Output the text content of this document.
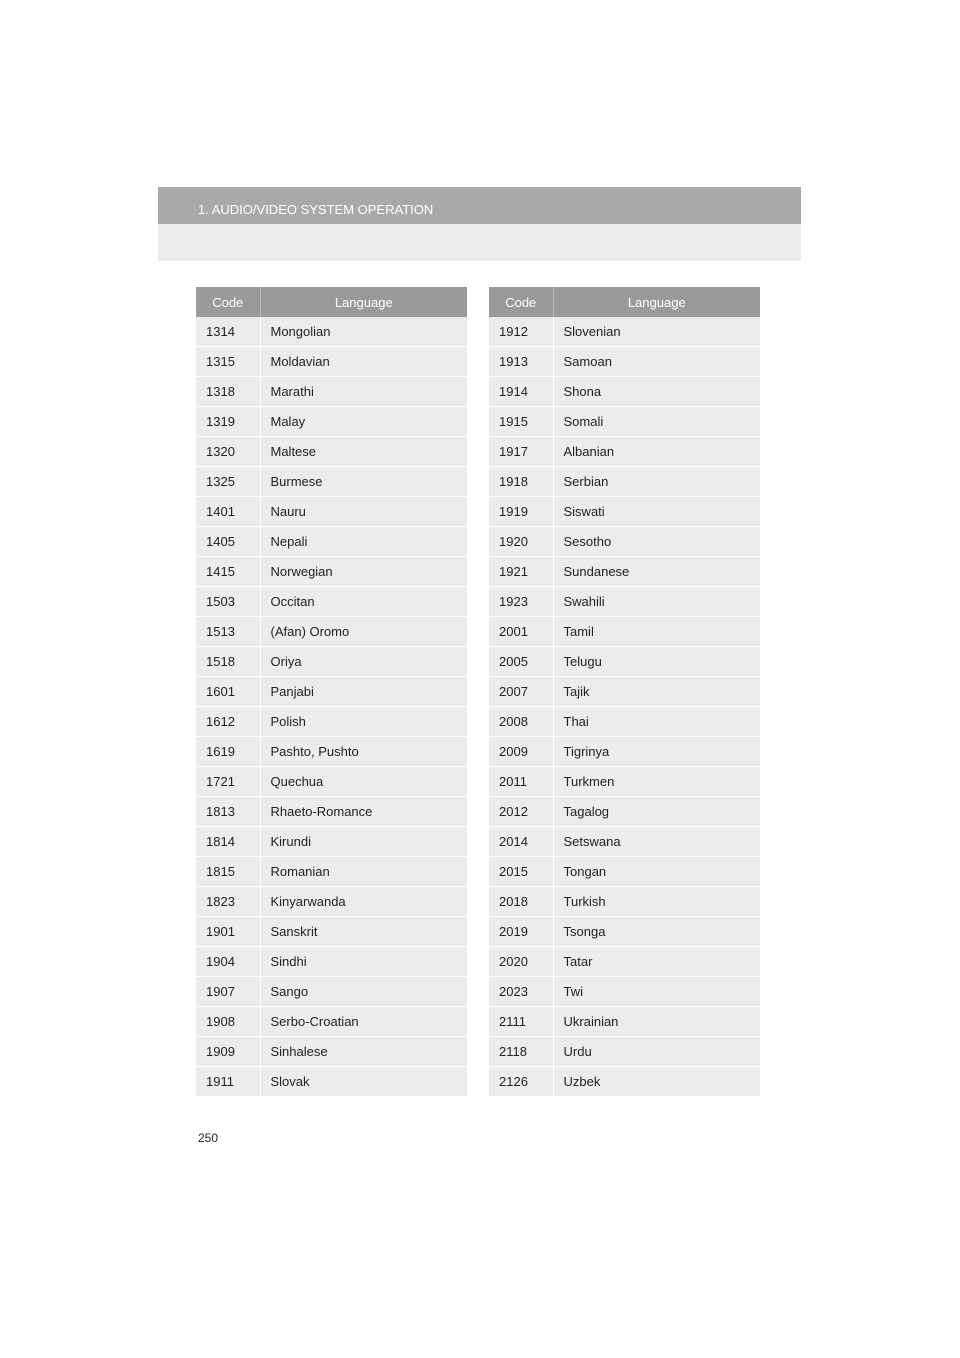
1. AUDIO/VIDEO SYSTEM OPERATION
Code	Language
1314	Mongolian
1315	Moldavian
1318	Marathi
1319	Malay
1320	Maltese
1325	Burmese
1401	Nauru
1405	Nepali
1415	Norwegian
1503	Occitan
1513	(Afan) Oromo
1518	Oriya
1601	Panjabi
1612	Polish
1619	Pashto, Pushto
1721	Quechua
1813	Rhaeto-Romance
1814	Kirundi
1815	Romanian
1823	Kinyarwanda
1901	Sanskrit
1904	Sindhi
1907	Sango
1908	Serbo-Croatian
1909	Sinhalese
1911	Slovak
Code	Language
1912	Slovenian
1913	Samoan
1914	Shona
1915	Somali
1917	Albanian
1918	Serbian
1919	Siswati
1920	Sesotho
1921	Sundanese
1923	Swahili
2001	Tamil
2005	Telugu
2007	Tajik
2008	Thai
2009	Tigrinya
2011	Turkmen
2012	Tagalog
2014	Setswana
2015	Tongan
2018	Turkish
2019	Tsonga
2020	Tatar
2023	Twi
2111	Ukrainian
2118	Urdu
2126	Uzbek
250
